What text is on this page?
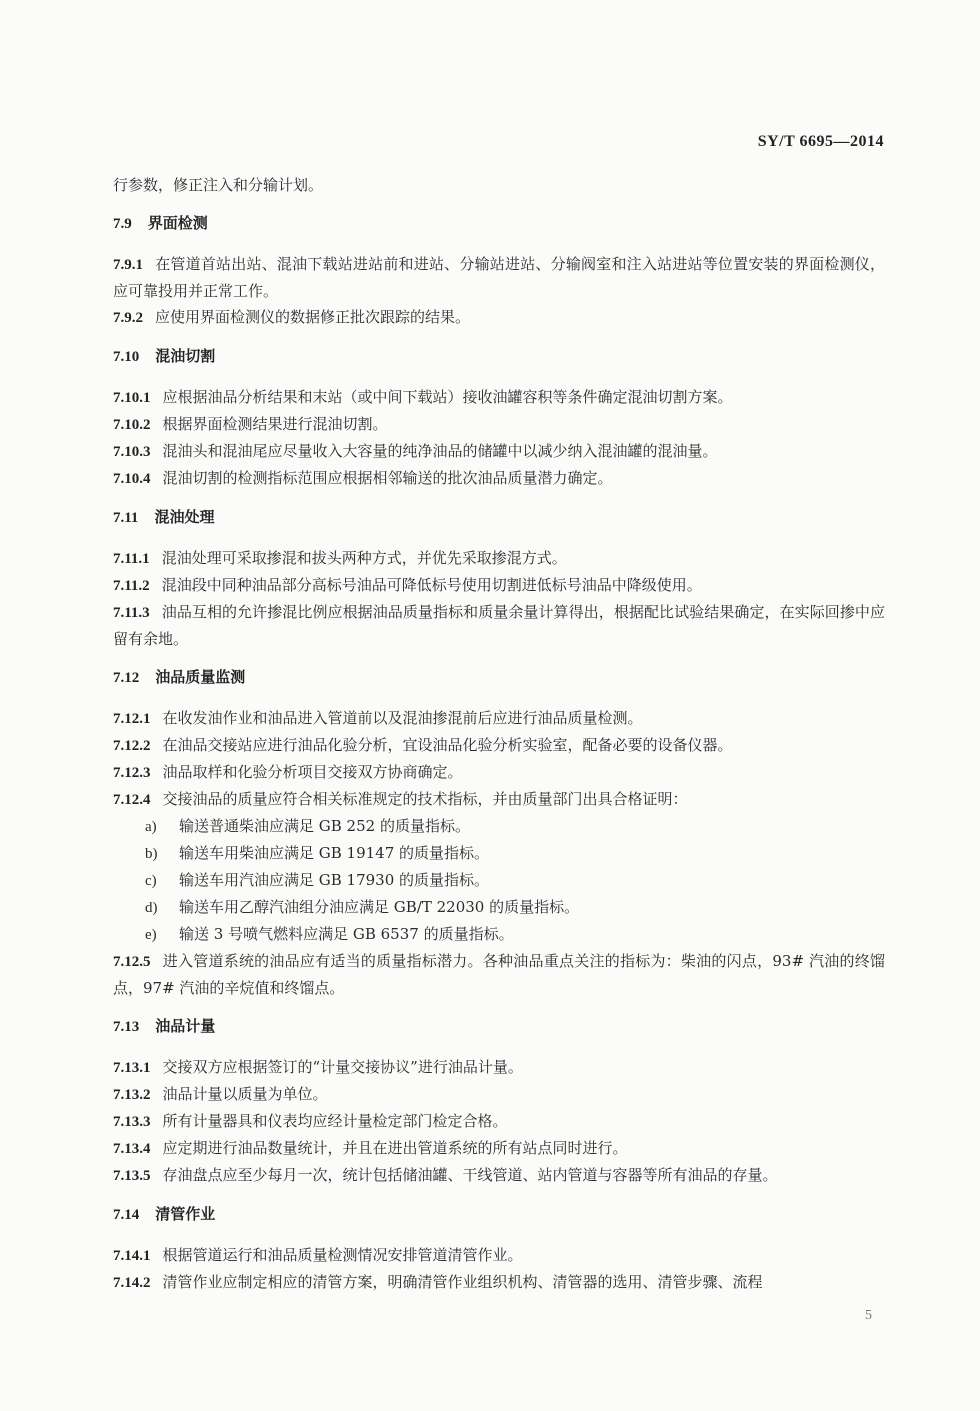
SY/T 6695—2014
行参数，修正注入和分输计划。
7.9 界面检测
7.9.1 在管道首站出站、混油下载站进站前和进站、分输站进站、分输阀室和注入站进站等位置安装的界面检测仪，应可靠投用并正常工作。
7.9.2 应使用界面检测仪的数据修正批次跟踪的结果。
7.10 混油切割
7.10.1 应根据油品分析结果和末站（或中间下载站）接收油罐容积等条件确定混油切割方案。
7.10.2 根据界面检测结果进行混油切割。
7.10.3 混油头和混油尾应尽量收入大容量的纯净油品的储罐中以减少纳入混油罐的混油量。
7.10.4 混油切割的检测指标范围应根据相邻输送的批次油品质量潜力确定。
7.11 混油处理
7.11.1 混油处理可采取掺混和拔头两种方式，并优先采取掺混方式。
7.11.2 混油段中同种油品部分高标号油品可降低标号使用切割进低标号油品中降级使用。
7.11.3 油品互相的允许掺混比例应根据油品质量指标和质量余量计算得出，根据配比试验结果确定，在实际回掺中应留有余地。
7.12 油品质量监测
7.12.1 在收发油作业和油品进入管道前以及混油掺混前后应进行油品质量检测。
7.12.2 在油品交接站应进行油品化验分析，宜设油品化验分析实验室，配备必要的设备仪器。
7.12.3 油品取样和化验分析项目交接双方协商确定。
7.12.4 交接油品的质量应符合相关标准规定的技术指标，并由质量部门出具合格证明：
a) 输送普通柴油应满足 GB 252 的质量指标。
b) 输送车用柴油应满足 GB 19147 的质量指标。
c) 输送车用汽油应满足 GB 17930 的质量指标。
d) 输送车用乙醇汽油组分油应满足 GB/T 22030 的质量指标。
e) 输送 3 号喷气燃料应满足 GB 6537 的质量指标。
7.12.5 进入管道系统的油品应有适当的质量指标潜力。各种油品重点关注的指标为：柴油的闪点，93# 汽油的终馏点，97# 汽油的辛烷值和终馏点。
7.13 油品计量
7.13.1 交接双方应根据签订的“计量交接协议”进行油品计量。
7.13.2 油品计量以质量为单位。
7.13.3 所有计量器具和仪表均应经计量检定部门检定合格。
7.13.4 应定期进行油品数量统计，并且在进出管道系统的所有站点同时进行。
7.13.5 存油盘点应至少每月一次，统计包括储油罐、干线管道、站内管道与容器等所有油品的存量。
7.14 清管作业
7.14.1 根据管道运行和油品质量检测情况安排管道清管作业。
7.14.2 清管作业应制定相应的清管方案，明确清管作业组织机构、清管器的选用、清管步骤、流程
5
